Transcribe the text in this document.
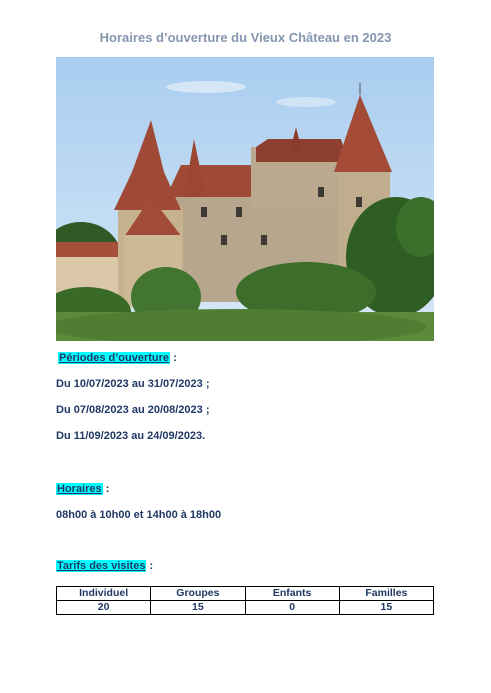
Horaires d’ouverture du Vieux Château en 2023
Périodes d’ouverture :
Du 10/07/2023 au 31/07/2023 ;
Du 07/08/2023 au 20/08/2023 ;
Du 11/09/2023 au 24/09/2023.
Horaires :
08h00 à 10h00 et 14h00 à 18h00
Tarifs des visites :
Individuel	Groupes	Enfants	Familles
20	15	0	15
